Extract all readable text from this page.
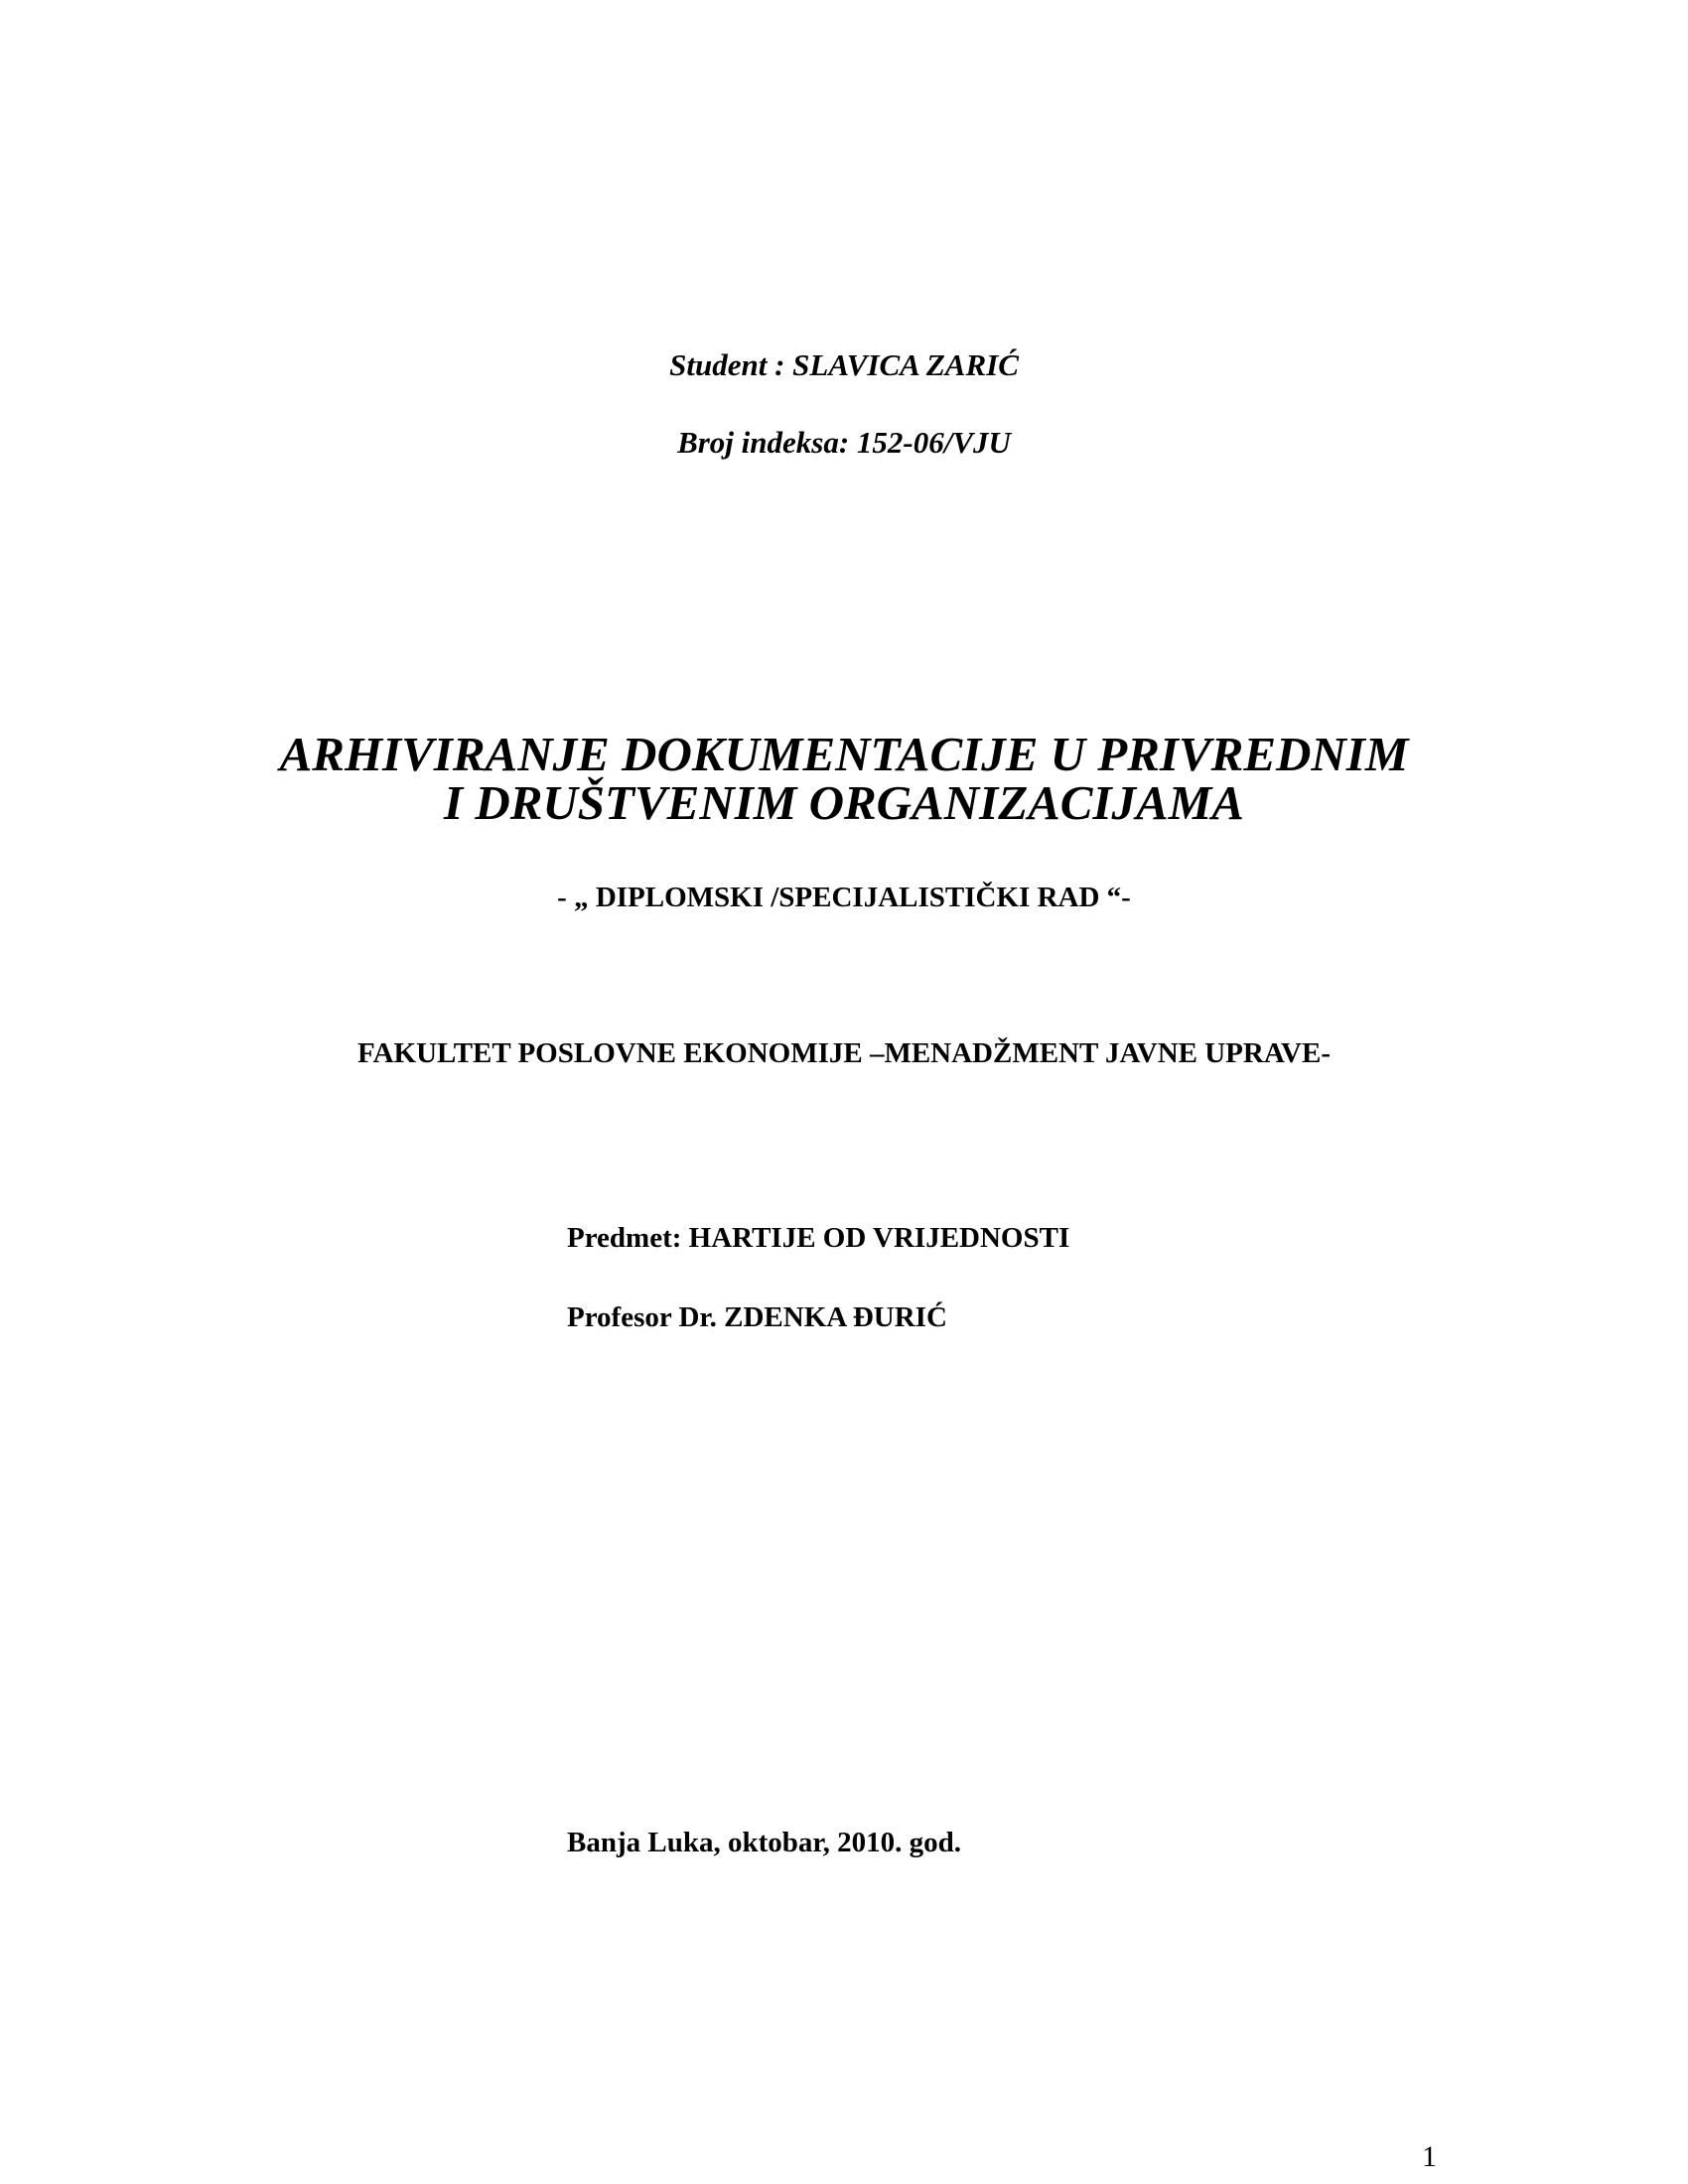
Student : SLAVICA ZARIĆ
Broj indeksa: 152-06/VJU
ARHIVIRANJE DOKUMENTACIJE U PRIVREDNIM
I DRUŠTVENIM ORGANIZACIJAMA
- „ DIPLOMSKI /SPECIJALISTIČKI RAD “-
FAKULTET POSLOVNE EKONOMIJE –MENADŽMENT JAVNE UPRAVE-
Predmet: HARTIJE OD VRIJEDNOSTI
Profesor Dr. ZDENKA ĐURIĆ
Banja Luka, oktobar, 2010. god.
1
